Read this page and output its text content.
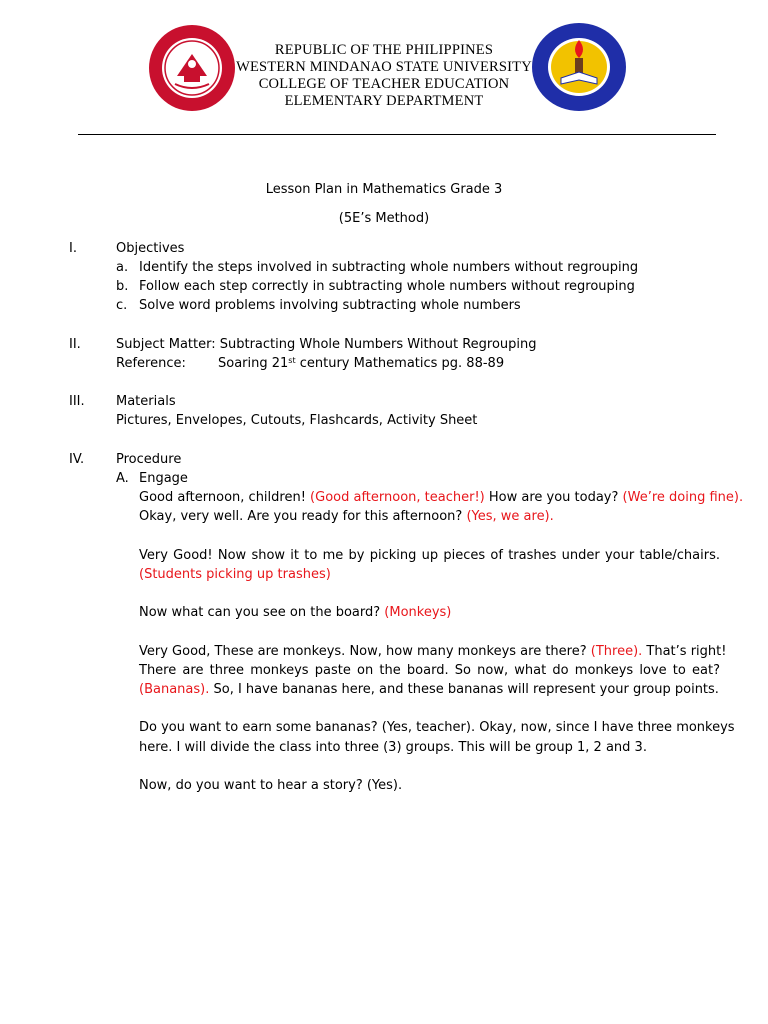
REPUBLIC OF THE PHILIPPINES
WESTERN MINDANAO STATE UNIVERSITY
COLLEGE OF TEACHER EDUCATION
ELEMENTARY DEPARTMENT
Lesson Plan in Mathematics Grade 3
(5E’s Method)
I.	Objectives
a. Identify the steps involved in subtracting whole numbers without regrouping
b. Follow each step correctly in subtracting whole numbers without regrouping
c. Solve word problems involving subtracting whole numbers
II.	Subject Matter: Subtracting Whole Numbers Without Regrouping
Reference: Soaring 21st century Mathematics pg. 88-89
III. Materials
Pictures, Envelopes, Cutouts, Flashcards, Activity Sheet
IV. Procedure
A. Engage
Good afternoon, children! (Good afternoon, teacher!) How are you today? (We’re doing fine).
Okay, very well. Are you ready for this afternoon? (Yes, we are).
Very Good! Now show it to me by picking up pieces of trashes under your table/chairs.
(Students picking up trashes)
Now what can you see on the board? (Monkeys)
Very Good, These are monkeys. Now, how many monkeys are there? (Three). That’s right!
There are three monkeys paste on the board. So now, what do monkeys love to eat?
(Bananas). So, I have bananas here, and these bananas will represent your group points.
Do you want to earn some bananas? (Yes, teacher). Okay, now, since I have three monkeys
here. I will divide the class into three (3) groups. This will be group 1, 2 and 3.
Now, do you want to hear a story? (Yes).
